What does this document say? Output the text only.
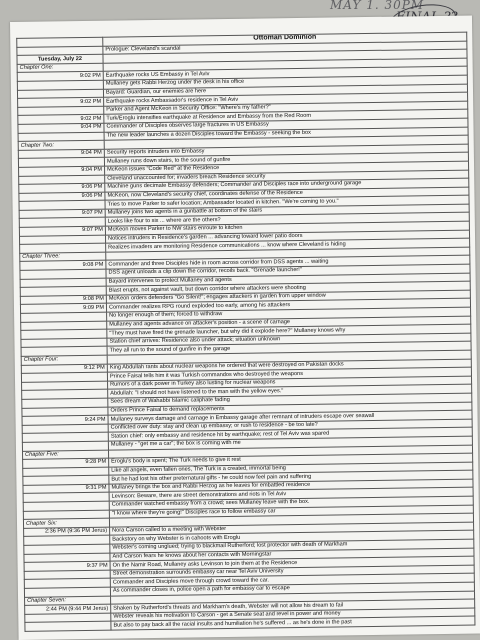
MAY 1. 30PM
	Ottoman Dominion
	Prologue: Cleveland's scandal
Tuesday, July 22	
Chapter One:	
9:02 PM	Earthquake rocks US Embassy in Tel Aviv
	Mullaney gets Rabbi Herzog under the desk in his office
	Bayard: Guardian, our enemies are here
9:02 PM	Earthquake rocks Ambassador's residence in Tel Aviv
	Parker and Agent McKeon in Security Office: "Where's my father?"
9:02 PM	Turk/Eroglu intensifies earthquake at Residence and Embassy from the Red Room
9:04 PM	Commander of Disciples observes large fractures in US Embassy
	The new leader launches a dozen Disciples toward the Embassy - seeking the box
Chapter Two:	
9:04 PM	Security reports intruders into Embassy
	Mullaney runs down stairs, to the sound of gunfire
9:04 PM	McKeon issues "Code Red" at the Residence
	Cleveland unaccounted for; invaders breach Residence security
9:06 PM	Machine guns decimate Embassy defenders; Commander and Disciples race into underground garage
9:06 PM	McKeon, now Cleveland's security chief, coordinates defense of the Residence
	Tries to move Parker to safer location; Ambassador located in kitchen. "We're coming to you."
9:07 PM	Mullaney joins two agents in a gunbattle at bottom of the stairs
	Looks like four to six ... where are the others?
9:07 PM	McKeon moves Parker to NW stairs enroute to kitchen
	Notices intruders in Residence's garden ... advancing toward lower patio doors
	Realizes invaders are monitoring Residence communications ... know where Cleveland is hiding
Chapter Three:	
9:08 PM	Commander and three Disciples hide in room across corridor from DSS agents ... waiting
	DSS agent unloads a clip down the corridor, recoils back. "Grenade launcher!"
	Bayard intervenes to protect Mullaney and agents
	Blast erupts, not against vault, but down corridor where attackers were shooting
9:08 PM	McKeon orders defenders "Go Silent!"; engages attackers in garden from upper window
9:09 PM	Commander realizes RPG round exploded too early, among his attackers
	No longer enough of them; forced to withdraw
	Mullaney and agents advance on attacker's position - a scene of carnage
	"They must have fired the grenade launcher, but why did it explode here?" Mullaney knows why
	Station chief arrives: Residence also under attack; situation unknown
	They all run to the sound of gunfire in the garage
Chapter Four:	
9:12 PM	King Abdullah rants about nuclear weapons he ordered that were destroyed on Pakistan docks
	Prince Faisal tells him it was Turkish commandos who destroyed the weapons
	Rumors of a dark power in Turkey also lusting for nuclear weapons
	Abdullah: "I should not have listened to the man with the yellow eyes."
	Sees dream of Wahabbi Islamic caliphate fading
	Orders Prince Faisal to demand replacements
9:24 PM	Mullaney surveys damage and carnage in Embassy garage after remnant of intruders escape over seawall
	Conflicted over duty: stay and clean up embassy; or rush to residence - be too late?
	Station chief: only embassy and residence hit by earthquake; rest of Tel Aviv was spared
	Mullaney - "get me a car"; the box is coming with me
Chapter Five:	
9:28 PM	Eroglu's body is spent; The Turk needs to give it rest
	Like all angels, even fallen ones, The Turk is a created, immortal being
	But he had lost his other preternatural gifts - he could now feel pain and suffering
9:31 PM	Mullaney brings the box and Rabbi Herzog as he leaves for embattled residence
	Levinson: Beware, there are street demonstrations and riots in Tel Aviv
	Commander watched embassy from a crowd; sees Mullaney leave with the box.
	"I know where they're going!" Disciples race to follow embassy car
Chapter Six:	
2:36 PM (9:36 PM Jerus)	Nora Carson called to a meeting with Webster
	Backstory on why Webster is in cahoots with Eroglu
	Webster's coming unglued; trying to blackmail Rutherford; lost protector with death of Markham
	And Carson fears he knows about her contacts with Morningstar
9:37 PM	On the Namir Road, Mullaney asks Levinson to join them at the Residence
	Street demonstration surrounds embassy car near Tel Aviv University
	Commander and Disciples move through crowd toward the car.
	As commander closes in, police open a path for embassy car to escape
Chapter Seven:	
2:44 PM (9:44 PM Jerus)	Shaken by Rutherford's threats and Markham's death, Webster will not allow his dream to fail
	Webster reveals his motivation to Carson - get a Senate seat and revel in power and money
	But also to pay back all the racial insults and humiliation he's suffered ... as he's done in the past
